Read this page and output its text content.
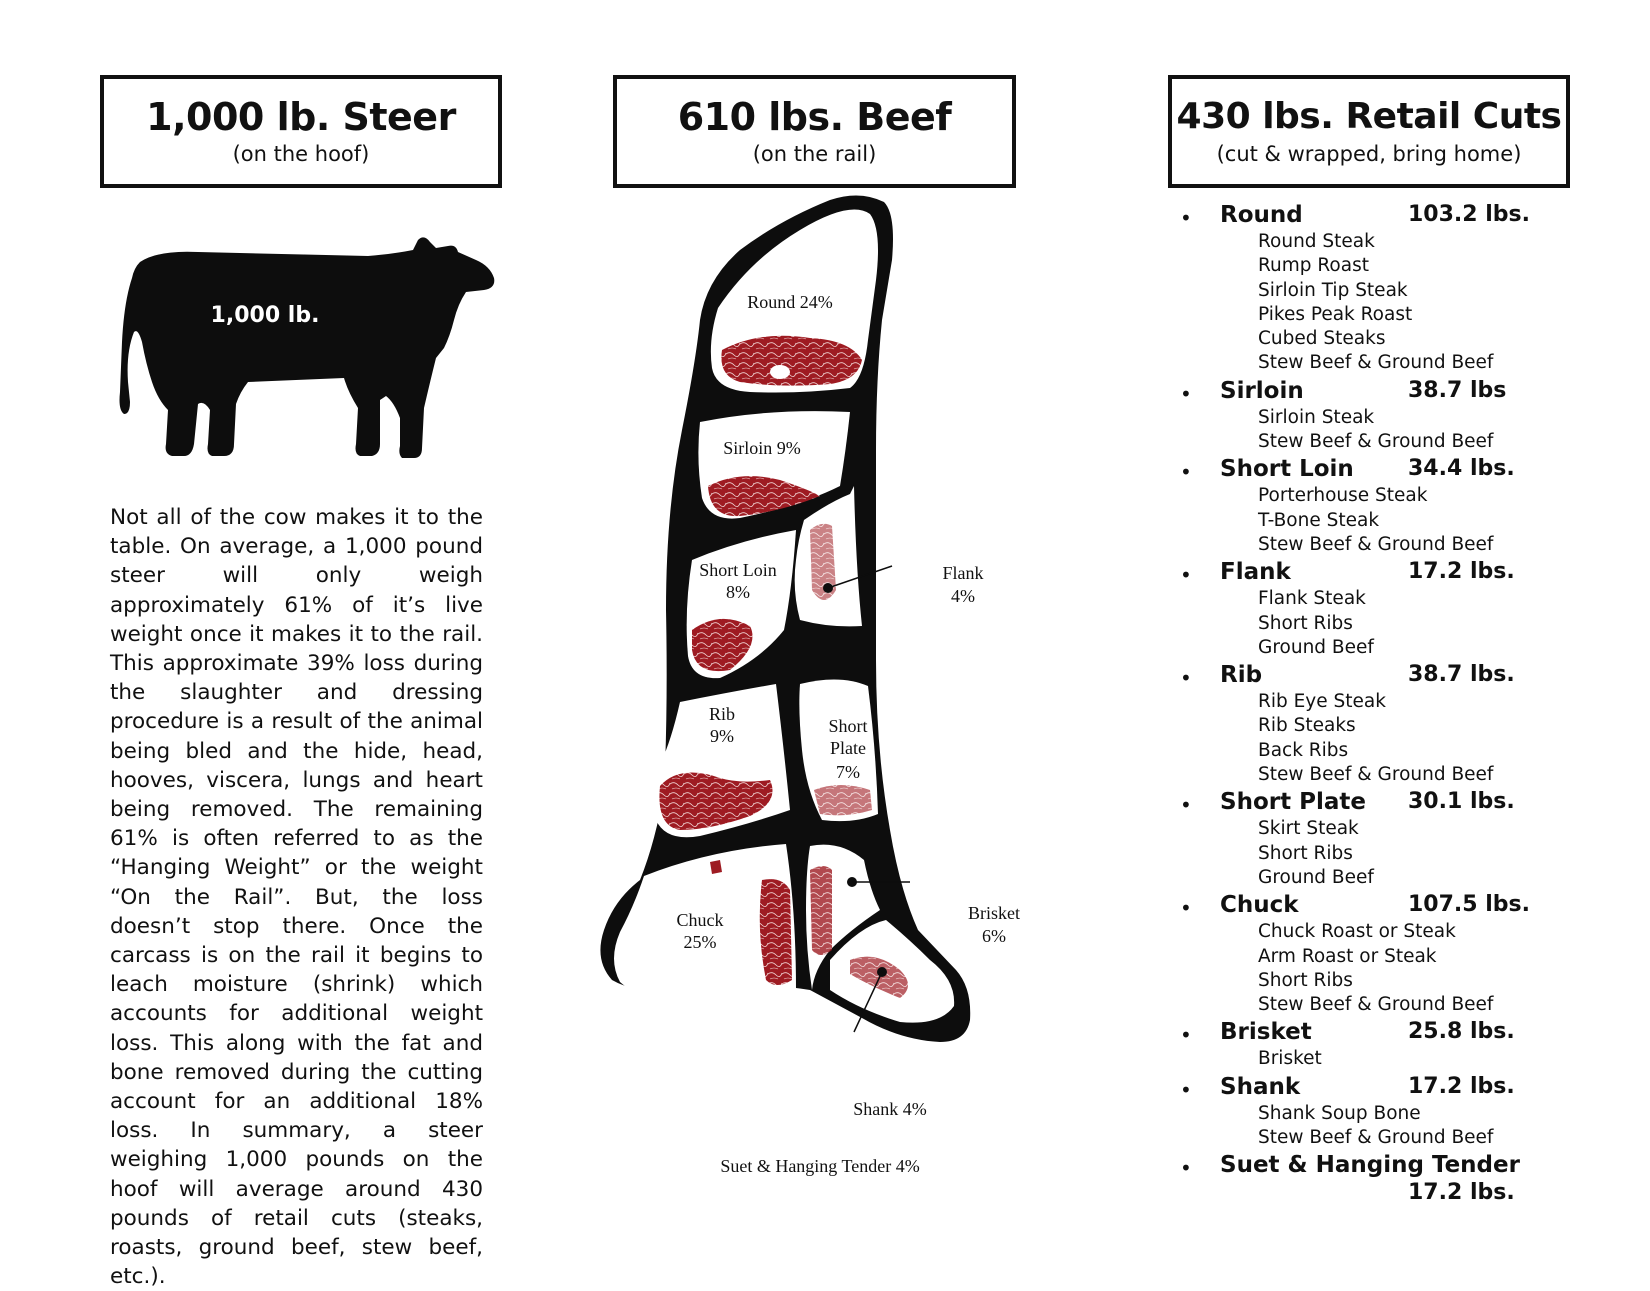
1,000 lb. Steer
(on the hoof)
610 lbs. Beef
(on the rail)
430 lbs. Retail Cuts
(cut & wrapped, bring home)
1,000 lb.

Not all of the cow makes it to the table. On average, a 1,000 pound steer will only weigh approximately 61% of it’s live weight once it makes it to the rail. This approximate 39% loss during the slaughter and dressing procedure is a result of the animal being bled and the hide, head, hooves, viscera, lungs and heart being removed. The remaining 61% is often referred to as the “Hanging Weight” or the weight “On the Rail”. But, the loss doesn’t stop there. Once the carcass is on the rail it begins to leach moisture (shrink) which accounts for additional weight loss. This along with the fat and bone removed during the cutting account for an additional 18% loss. In summary, a steer weighing 1,000 pounds on the hoof will average around 430 pounds of retail cuts (steaks, roasts, ground beef, stew beef, etc.).

Round 24%
Sirloin 9%
Short Loin
8%
Rib
9%	Short
Plate
7%
Chuck
25%
Flank
4%
Brisket
6%
Shank 4%
Suet & Hanging Tender 4%
• Round	103.2 lbs.
Round Steak
Rump Roast
Sirloin Tip Steak
Pikes Peak Roast
Cubed Steaks
Stew Beef & Ground Beef
• Sirloin	38.7 lbs
Sirloin Steak
Stew Beef & Ground Beef
• Short Loin 34.4 lbs.
Porterhouse Steak
T-Bone Steak
Stew Beef & Ground Beef
• Flank	17.2 lbs.
Flank Steak
Short Ribs
Ground Beef
• Rib	38.7 lbs.
Rib Eye Steak
Rib Steaks
Back Ribs
Stew Beef & Ground Beef
• Short Plate 30.1 lbs.
Skirt Steak
Short Ribs
Ground Beef
• Chuck	107.5 lbs.
Chuck Roast or Steak
Arm Roast or Steak
Short Ribs
Stew Beef & Ground Beef
• Brisket	25.8 lbs.
Brisket
• Shank	17.2 lbs.
Shank Soup Bone
Stew Beef & Ground Beef
• Suet & Hanging Tender
17.2 lbs.
